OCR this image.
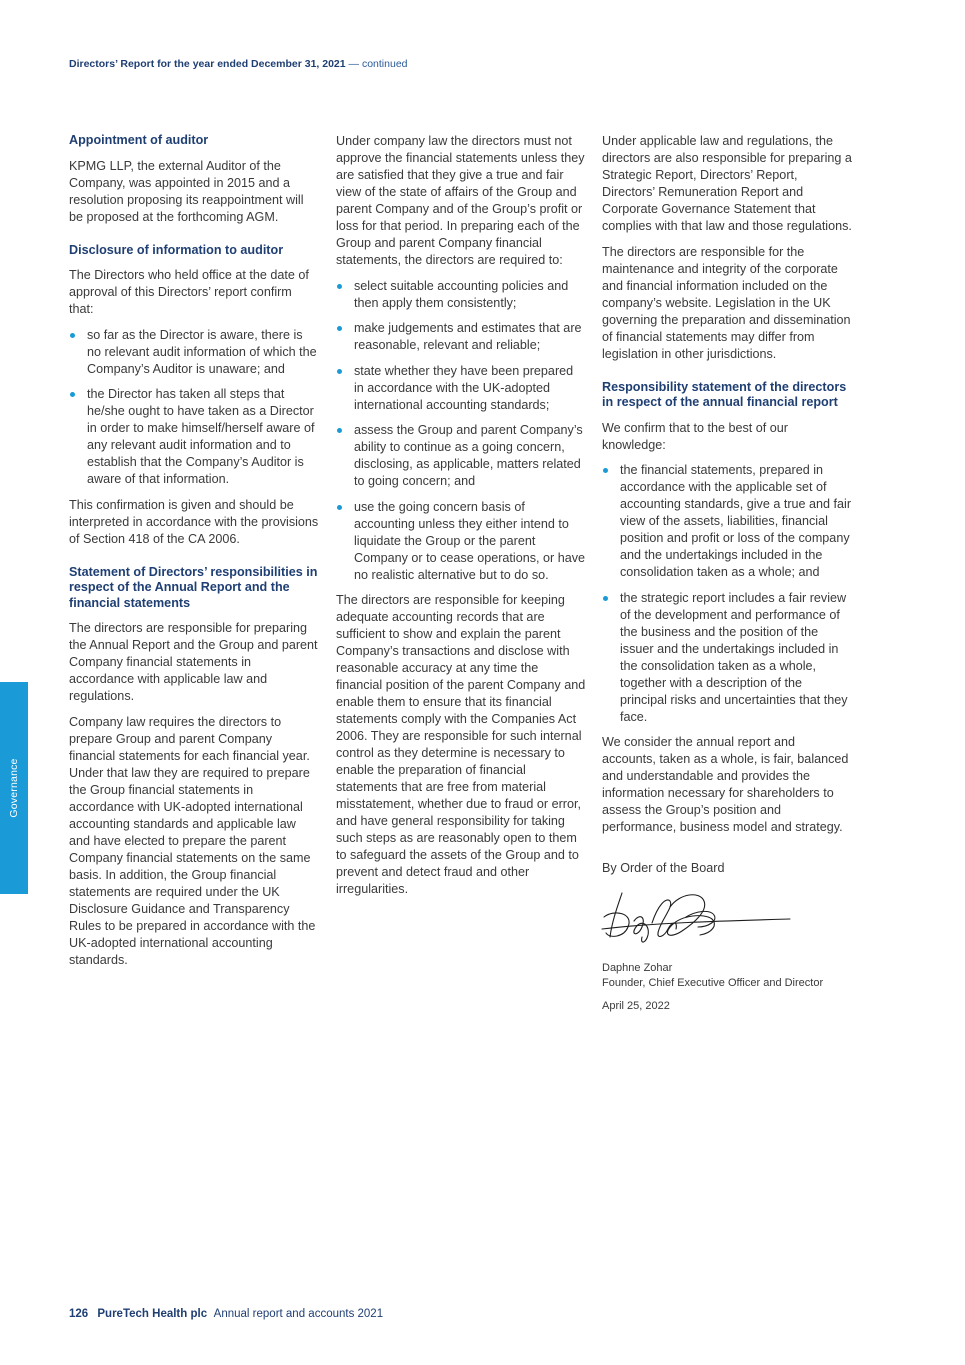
Directors’ Report for the year ended December 31, 2021 — continued
Governance
Appointment of auditor

KPMG LLP, the external Auditor of the Company, was appointed in 2015 and a resolution proposing its reappointment will be proposed at the forthcoming AGM.

Disclosure of information to auditor

The Directors who held office at the date of approval of this Directors’ report confirm that:

so far as the Director is aware, there is no relevant audit information of which the Company’s Auditor is unaware; and
the Director has taken all steps that he/she ought to have taken as a Director in order to make himself/herself aware of any relevant audit information and to establish that the Company’s Auditor is aware of that information.

This confirmation is given and should be interpreted in accordance with the provisions of Section 418 of the CA 2006.

Statement of Directors’ responsibilities in respect of the Annual Report and the financial statements

The directors are responsible for preparing the Annual Report and the Group and parent Company financial statements in accordance with applicable law and regulations.

Company law requires the directors to prepare Group and parent Company financial statements for each financial year. Under that law they are required to prepare the Group financial statements in accordance with UK-adopted international accounting standards and applicable law and have elected to prepare the parent Company financial statements on the same basis. In addition, the Group financial statements are required under the UK Disclosure Guidance and Transparency Rules to be prepared in accordance with the UK-adopted international accounting standards.

Under company law the directors must not approve the financial statements unless they are satisfied that they give a true and fair view of the state of affairs of the Group and parent Company and of the Group’s profit or loss for that period. In preparing each of the Group and parent Company financial statements, the directors are required to:

select suitable accounting policies and then apply them consistently;
make judgements and estimates that are reasonable, relevant and reliable;
state whether they have been prepared in accordance with the UK-adopted international accounting standards;
assess the Group and parent Company’s ability to continue as a going concern, disclosing, as applicable, matters related to going concern; and
use the going concern basis of accounting unless they either intend to liquidate the Group or the parent Company or to cease operations, or have no realistic alternative but to do so.

The directors are responsible for keeping adequate accounting records that are sufficient to show and explain the parent Company’s transactions and disclose with reasonable accuracy at any time the financial position of the parent Company and enable them to ensure that its financial statements comply with the Companies Act 2006. They are responsible for such internal control as they determine is necessary to enable the preparation of financial statements that are free from material misstatement, whether due to fraud or error, and have general responsibility for taking such steps as are reasonably open to them to safeguard the assets of the Group and to prevent and detect fraud and other irregularities.

Under applicable law and regulations, the directors are also responsible for preparing a Strategic Report, Directors’ Report, Directors’ Remuneration Report and Corporate Governance Statement that complies with that law and those regulations.

The directors are responsible for the maintenance and integrity of the corporate and financial information included on the company’s website. Legislation in the UK governing the preparation and dissemination of financial statements may differ from legislation in other jurisdictions.

Responsibility statement of the directors in respect of the annual financial report

We confirm that to the best of our knowledge:

the financial statements, prepared in accordance with the applicable set of accounting standards, give a true and fair view of the assets, liabilities, financial position and profit or loss of the company and the undertakings included in the consolidation taken as a whole; and
the strategic report includes a fair review of the development and performance of the business and the position of the issuer and the undertakings included in the consolidation taken as a whole, together with a description of the principal risks and uncertainties that they face.

We consider the annual report and accounts, taken as a whole, is fair, balanced and understandable and provides the information necessary for shareholders to assess the Group’s position and performance, business model and strategy.

By Order of the Board

Daphne Zohar

Founder, Chief Executive Officer and Director

April 25, 2022

126 PureTech Health plc Annual report and accounts 2021
